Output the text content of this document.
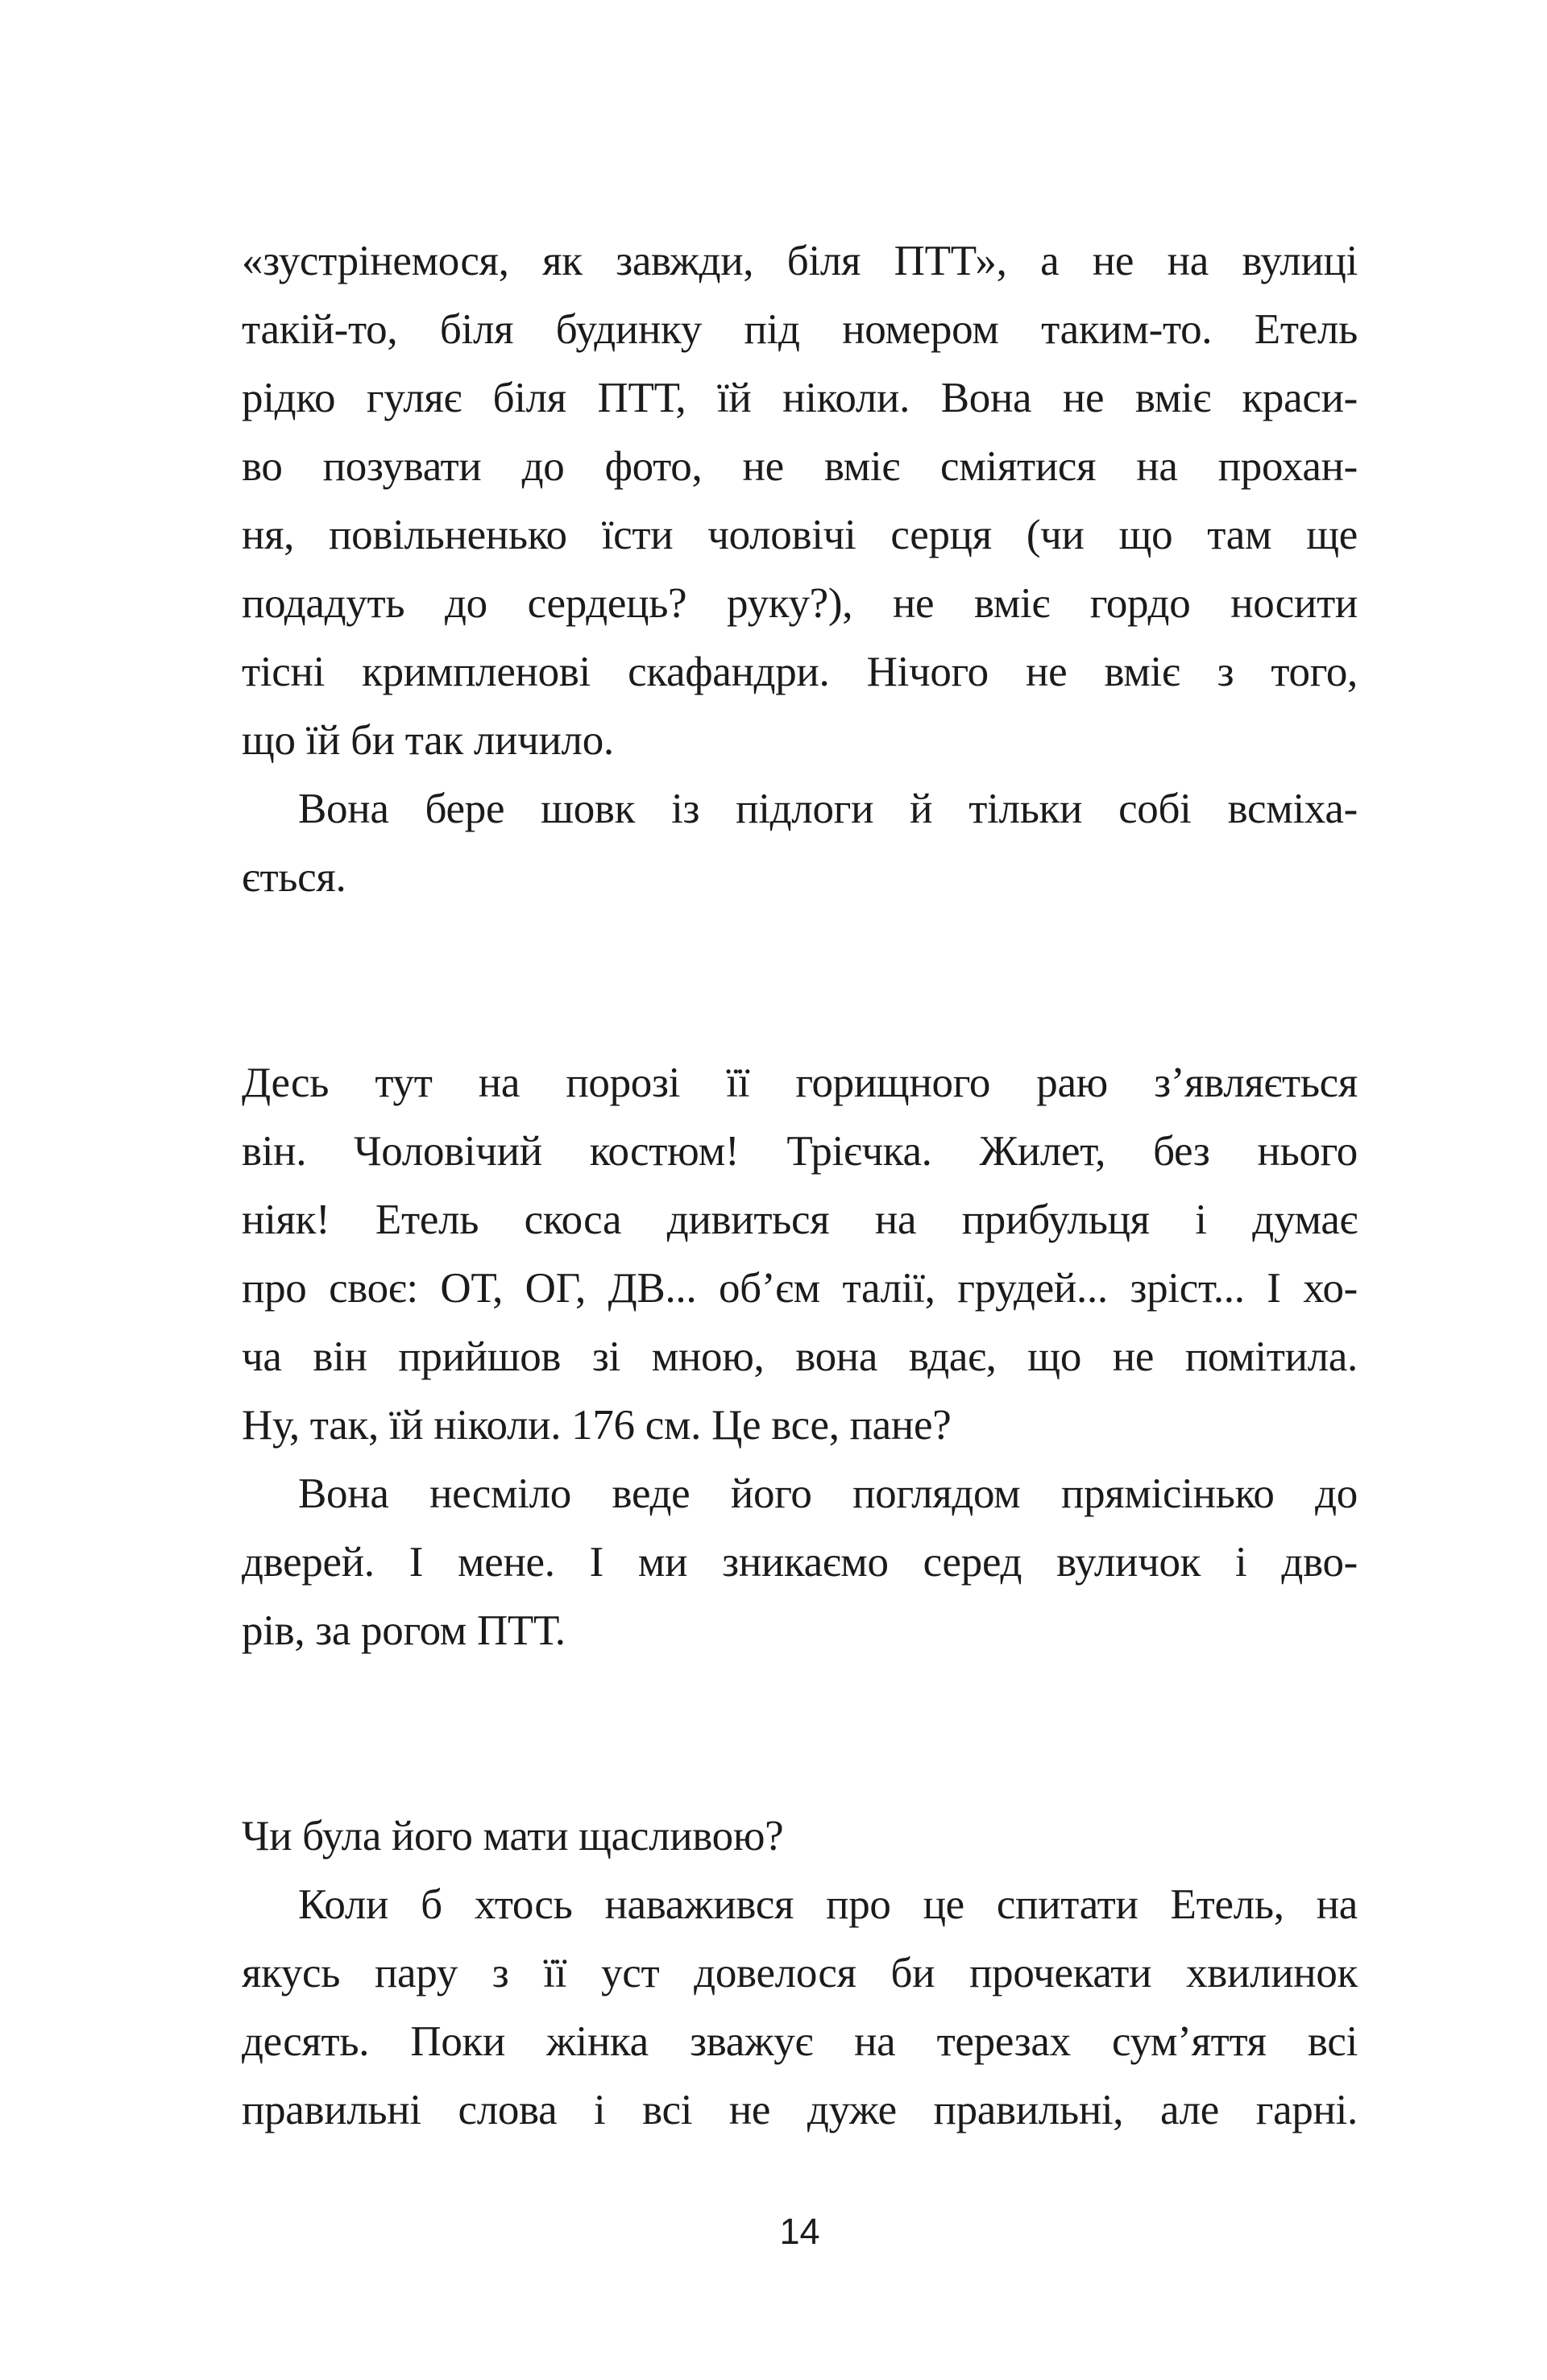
«зустрінемося, як завжди, біля ПТТ», а не на вулиці
такій-то, біля будинку під номером таким-то. Етель
рідко гуляє біля ПТТ, їй ніколи. Вона не вміє краси-
во позувати до фото, не вміє сміятися на прохан-
ня, повільненько їсти чоловічі серця (чи що там ще
подадуть до сердець? руку?), не вміє гордо носити
тісні кримпленові скафандри. Нічого не вміє з того,
що їй би так личило.
Вона бере шовк із підлоги й тільки собі всміха-
ється.
Десь тут на порозі її горищного раю з’являється
він. Чоловічий костюм! Трієчка. Жилет, без нього
ніяк! Етель скоса дивиться на прибульця і думає
про своє: ОТ, ОГ, ДВ... об’єм талії, грудей... зріст... І хо-
ча він прийшов зі мною, вона вдає, що не помітила.
Ну, так, їй ніколи. 176 см. Це все, пане?
Вона несміло веде його поглядом прямісінько до
дверей. І мене. І ми зникаємо серед вуличок і дво-
рів, за рогом ПТТ.
Чи була його мати щасливою?
Коли б хтось наважився про це спитати Етель, на
якусь пару з її уст довелося би прочекати хвилинок
десять. Поки жінка зважує на терезах сум’яття всі
правильні слова і всі не дуже правильні, але гарні.
14
